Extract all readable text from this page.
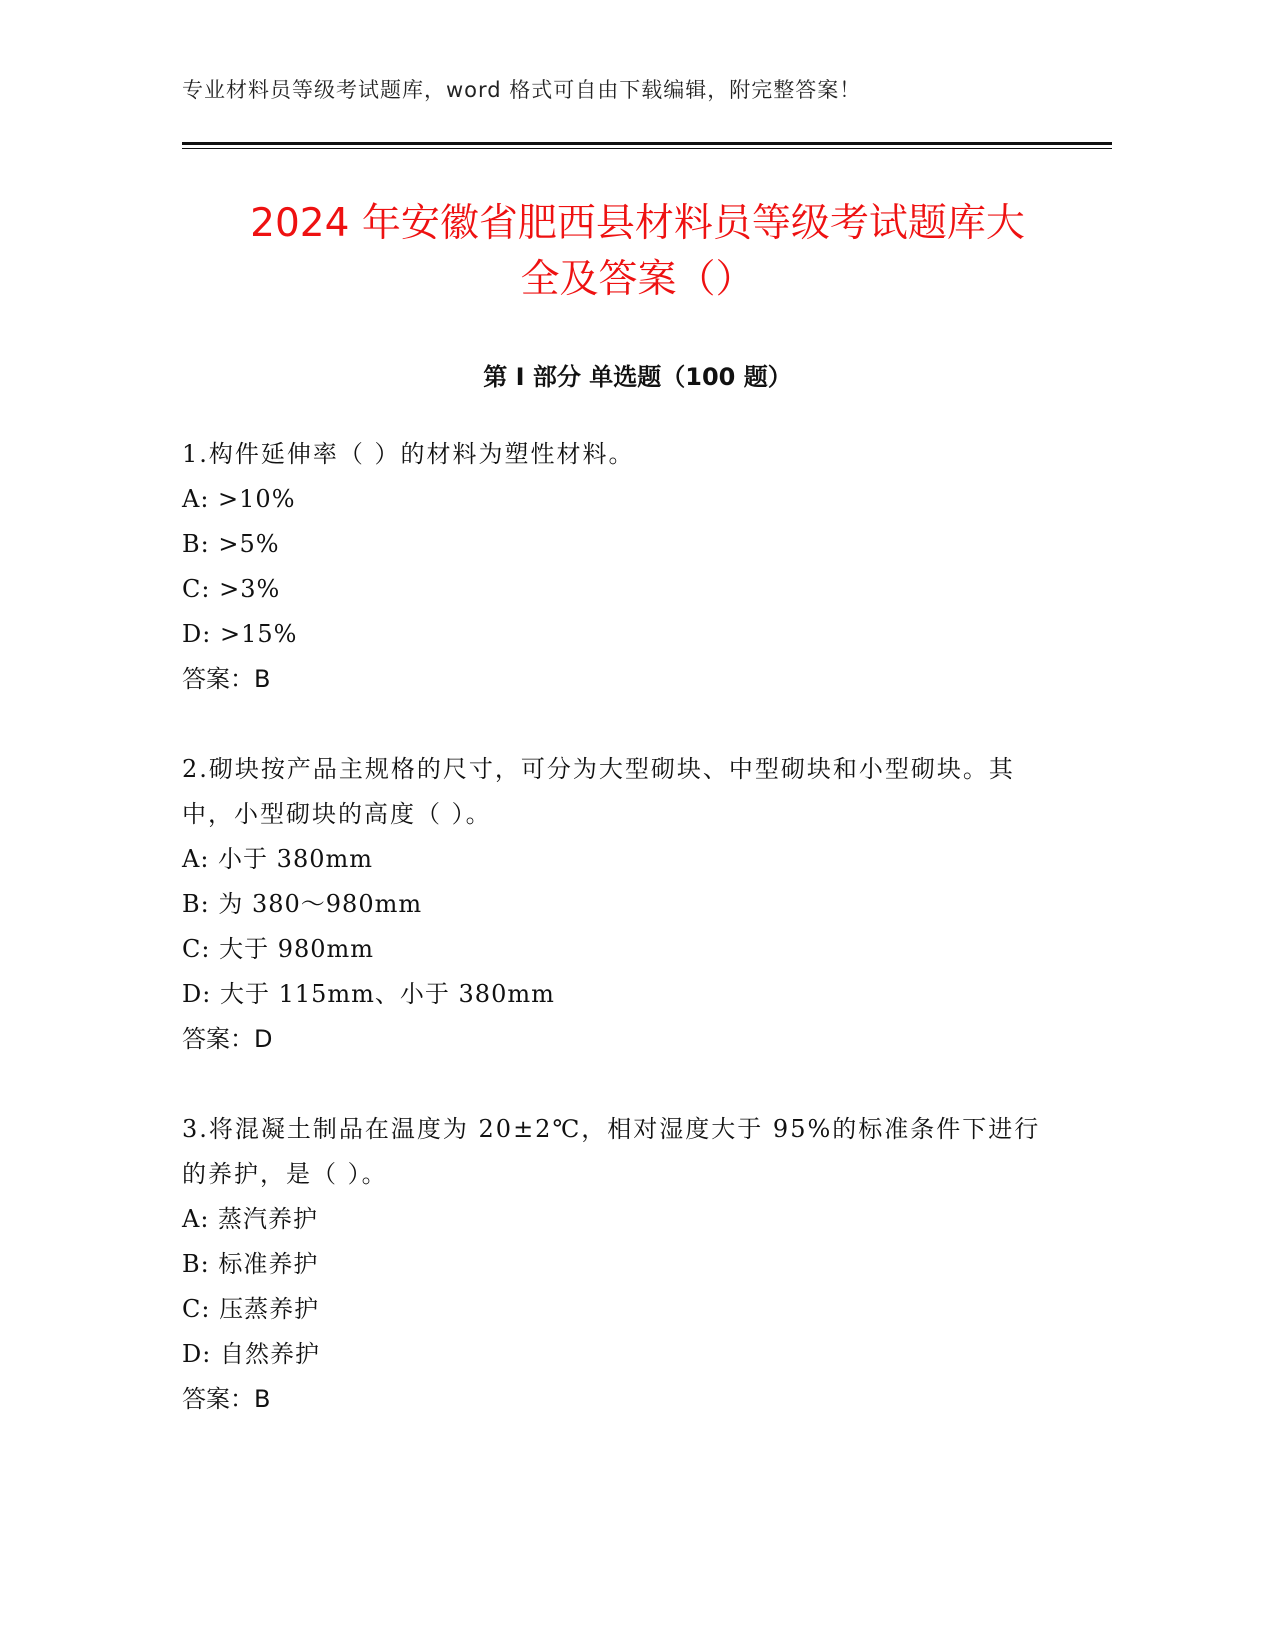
专业材料员等级考试题库，word 格式可自由下载编辑，附完整答案！
2024 年安徽省肥西县材料员等级考试题库大
全及答案（）
第 I 部分 单选题（100 题）

1.构件延伸率（ ）的材料为塑性材料。

A: >10%

B: >5%

C: >3%

D: >15%

答案：B

2.砌块按产品主规格的尺寸，可分为大型砌块、中型砌块和小型砌块。其中，小型砌块的高度（ ）。

A: 小于 380mm

B: 为 380～980mm

C: 大于 980mm

D: 大于 115mm、小于 380mm

答案：D

3.将混凝土制品在温度为 20±2℃，相对湿度大于 95%的标准条件下进行的养护，是（ ）。

A: 蒸汽养护

B: 标准养护

C: 压蒸养护

D: 自然养护

答案：B
